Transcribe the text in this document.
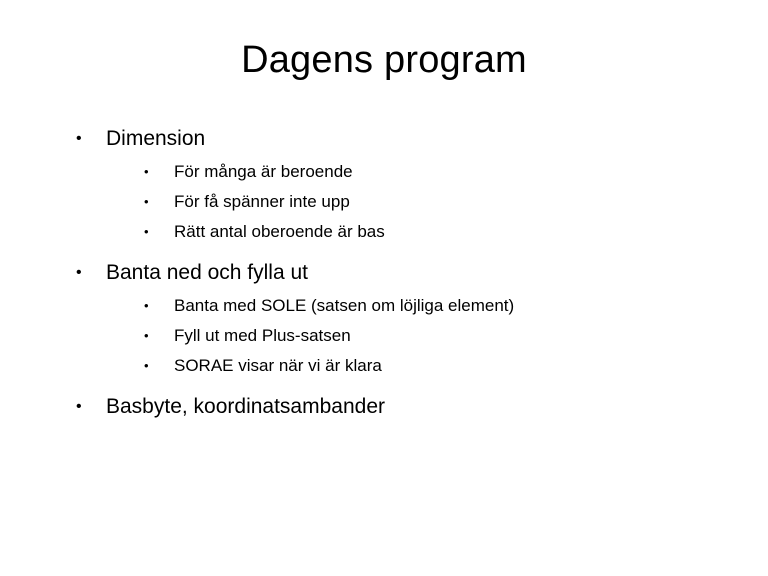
Dagens program
•	Dimension
•	För många är beroende
•	För få spänner inte upp
•	Rätt antal oberoende är bas
•	Banta ned och fylla ut
•	Banta med SOLE (satsen om löjliga element)
•	Fyll ut med Plus-satsen
•	SORAE visar när vi är klara
•	Basbyte, koordinatsambander
